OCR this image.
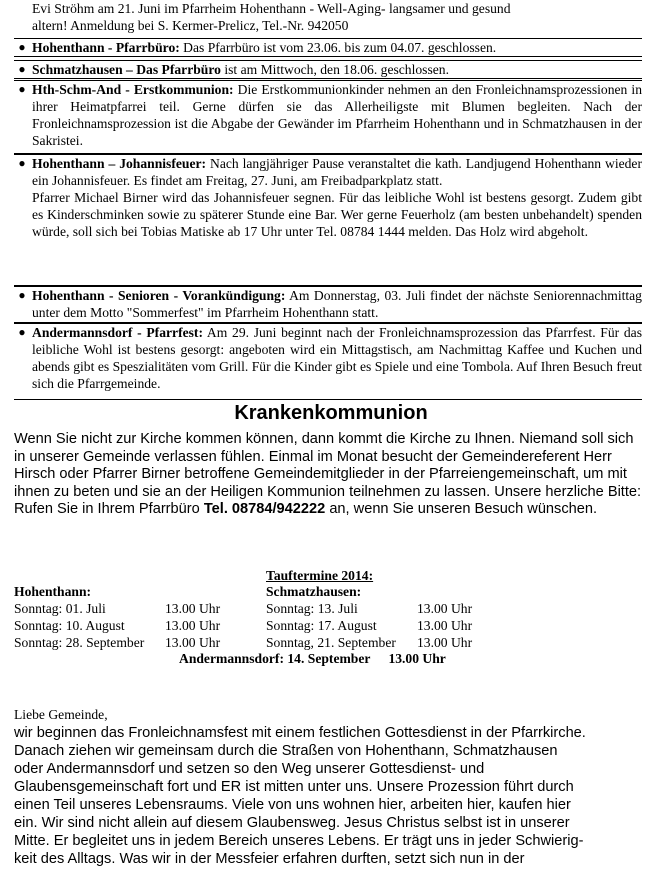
Evi Ströhm am 21. Juni im Pfarrheim Hohenthann - Well-Aging- langsamer und gesund
altern! Anmeldung bei S. Kermer-Prelicz, Tel.-Nr. 942050
● Hohenthann - Pfarrbüro: Das Pfarrbüro ist vom 23.06. bis zum 04.07. geschlossen.
● Schmatzhausen – Das Pfarrbüro ist am Mittwoch, den 18.06. geschlossen.
● Hth-Schm-And - Erstkommunion: Die Erstkommunionkinder nehmen an den Fronleichnamsprozessionen in ihrer Heimatpfarrei teil. Gerne dürfen sie das Allerheiligste mit Blumen begleiten. Nach der Fronleichnamsprozession ist die Abgabe der Gewänder im Pfarrheim Hohenthann und in Schmatzhausen in der Sakristei.
● Hohenthann – Johannisfeuer: Nach langjähriger Pause veranstaltet die kath. Landjugend Hohenthann wieder ein Johannisfeuer. Es findet am Freitag, 27. Juni, am Freibadparkplatz statt.
Pfarrer Michael Birner wird das Johannisfeuer segnen. Für das leibliche Wohl ist bestens gesorgt. Zudem gibt es Kinderschminken sowie zu späterer Stunde eine Bar. Wer gerne Feuerholz (am besten unbehandelt) spenden würde, soll sich bei Tobias Matiske ab 17 Uhr unter Tel. 08784 1444 melden. Das Holz wird abgeholt.
● Hohenthann - Senioren - Vorankündigung: Am Donnerstag, 03. Juli findet der nächste Seniorennachmittag unter dem Motto "Sommerfest" im Pfarrheim Hohenthann statt.
● Andermannsdorf - Pfarrfest: Am 29. Juni beginnt nach der Fronleichnamsprozession das Pfarrfest. Für das leibliche Wohl ist bestens gesorgt: angeboten wird ein Mittagstisch, am Nachmittag Kaffee und Kuchen und abends gibt es Speszialitäten vom Grill. Für die Kinder gibt es Spiele und eine Tombola. Auf Ihren Besuch freut sich die Pfarrgemeinde.
Krankenkommunion
Wenn Sie nicht zur Kirche kommen können, dann kommt die Kirche zu Ihnen. Niemand soll sich in unserer Gemeinde verlassen fühlen. Einmal im Monat besucht der Gemeindereferent Herr Hirsch oder Pfarrer Birner betroffene Gemeindemitglieder in der Pfarreiengemeinschaft, um mit ihnen zu beten und sie an der Heiligen Kommunion teilnehmen zu lassen. Unsere herzliche Bitte: Rufen Sie in Ihrem Pfarrbüro Tel. 08784/942222 an, wenn Sie unseren Besuch wünschen.
Tauftermine 2014:
Hohenthann:
Sonntag: 01. Juli	13.00 Uhr
Sonntag: 10. August	13.00 Uhr
Sonntag: 28. September 13.00 Uhr
Schmatzhausen:
Sonntag: 13. Juli	13.00 Uhr
Sonntag: 17. August	13.00 Uhr
Sonntag, 21. September 13.00 Uhr
Andermannsdorf: 14. September 13.00 Uhr
Liebe Gemeinde,
wir beginnen das Fronleichnamsfest mit einem festlichen Gottesdienst in der Pfarrkirche.
Danach ziehen wir gemeinsam durch die Straßen von Hohenthann, Schmatzhausen
oder Andermannsdorf und setzen so den Weg unserer Gottesdienst- und
Glaubensgemeinschaft fort und ER ist mitten unter uns. Unsere Prozession führt durch
einen Teil unseres Lebensraums. Viele von uns wohnen hier, arbeiten hier, kaufen hier
ein. Wir sind nicht allein auf diesem Glaubensweg. Jesus Christus selbst ist in unserer
Mitte. Er begleitet uns in jedem Bereich unseres Lebens. Er trägt uns in jeder Schwierig-
keit des Alltags. Was wir in der Messfeier erfahren durften, setzt sich nun in der
